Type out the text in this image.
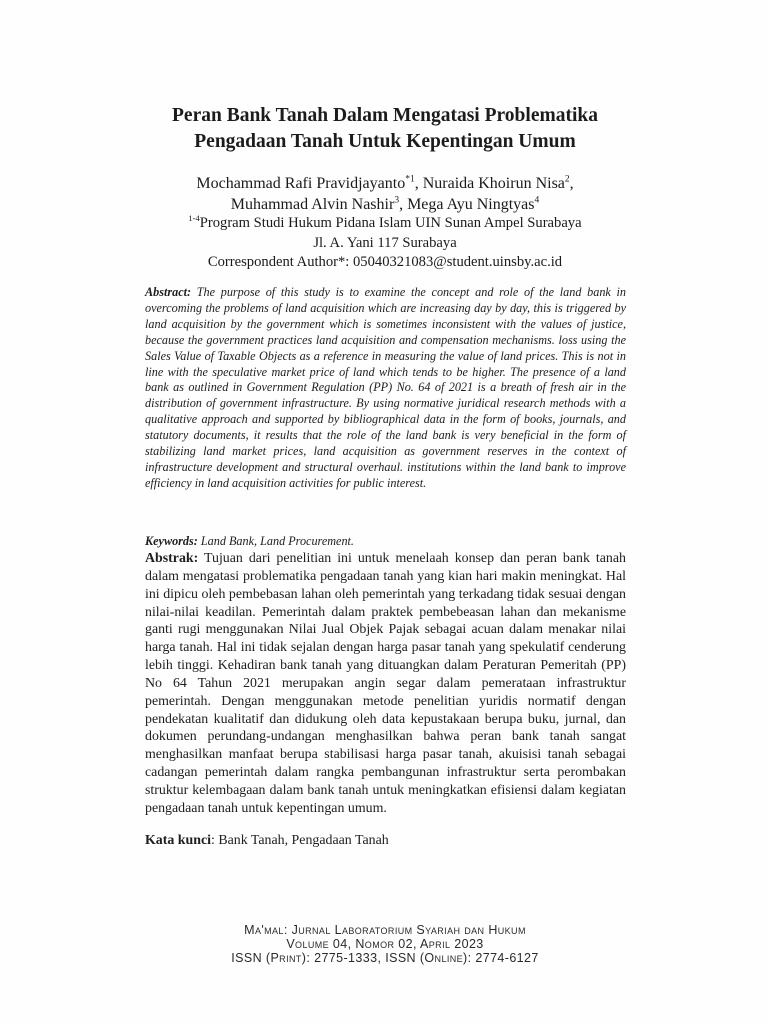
Peran Bank Tanah Dalam Mengatasi Problematika
Pengadaan Tanah Untuk Kepentingan Umum
Mochammad Rafi Pravidjayanto$^{*1}$, Nuraida Khoirun Nisa$^2$,
Muhammad Alvin Nashir$^3$, Mega Ayu Ningtyas$^4$
$^{1-4}$Program Studi Hukum Pidana Islam UIN Sunan Ampel Surabaya
Jl. A. Yani 117 Surabaya
Correspondent Author*: 05040321083@student.uinsby.ac.id
Abstract: The purpose of this study is to examine the concept and role of the land bank in overcoming the problems of land acquisition which are increasing day by day, this is triggered by land acquisition by the government which is sometimes inconsistent with the values of justice, because the government practices land acquisition and compensation mechanisms. loss using the Sales Value of Taxable Objects as a reference in measuring the value of land prices. This is not in line with the speculative market price of land which tends to be higher. The presence of a land bank as outlined in Government Regulation (PP) No. 64 of 2021 is a breath of fresh air in the distribution of government infrastructure. By using normative juridical research methods with a qualitative approach and supported by bibliographical data in the form of books, journals, and statutory documents, it results that the role of the land bank is very beneficial in the form of stabilizing land market prices, land acquisition as government reserves in the context of infrastructure development and structural overhaul. institutions within the land bank to improve efficiency in land acquisition activities for public interest.
Keywords: Land Bank, Land Procurement.
Abstrak: Tujuan dari penelitian ini untuk menelaah konsep dan peran bank tanah dalam mengatasi problematika pengadaan tanah yang kian hari makin meningkat. Hal ini dipicu oleh pembebasan lahan oleh pemerintah yang terkadang tidak sesuai dengan nilai-nilai keadilan. Pemerintah dalam praktek pembebeasan lahan dan mekanisme ganti rugi menggunakan Nilai Jual Objek Pajak sebagai acuan dalam menakar nilai harga tanah. Hal ini tidak sejalan dengan harga pasar tanah yang spekulatif cenderung lebih tinggi. Kehadiran bank tanah yang dituangkan dalam Peraturan Pemeritah (PP) No 64 Tahun 2021 merupakan angin segar dalam pemerataan infrastruktur pemerintah. Dengan menggunakan metode penelitian yuridis normatif dengan pendekatan kualitatif dan didukung oleh data kepustakaan berupa buku, jurnal, dan dokumen perundang-undangan menghasilkan bahwa peran bank tanah sangat menghasilkan manfaat berupa stabilisasi harga pasar tanah, akuisisi tanah sebagai cadangan pemerintah dalam rangka pembangunan infrastruktur serta perombakan struktur kelembagaan dalam bank tanah untuk meningkatkan efisiensi dalam kegiatan pengadaan tanah untuk kepentingan umum.
Kata kunci: Bank Tanah, Pengadaan Tanah
Ma'mal: Jurnal Laboratorium Syariah dan Hukum
Volume 04, Nomor 02, April 2023
ISSN (Print): 2775-1333, ISSN (Online): 2774-6127
